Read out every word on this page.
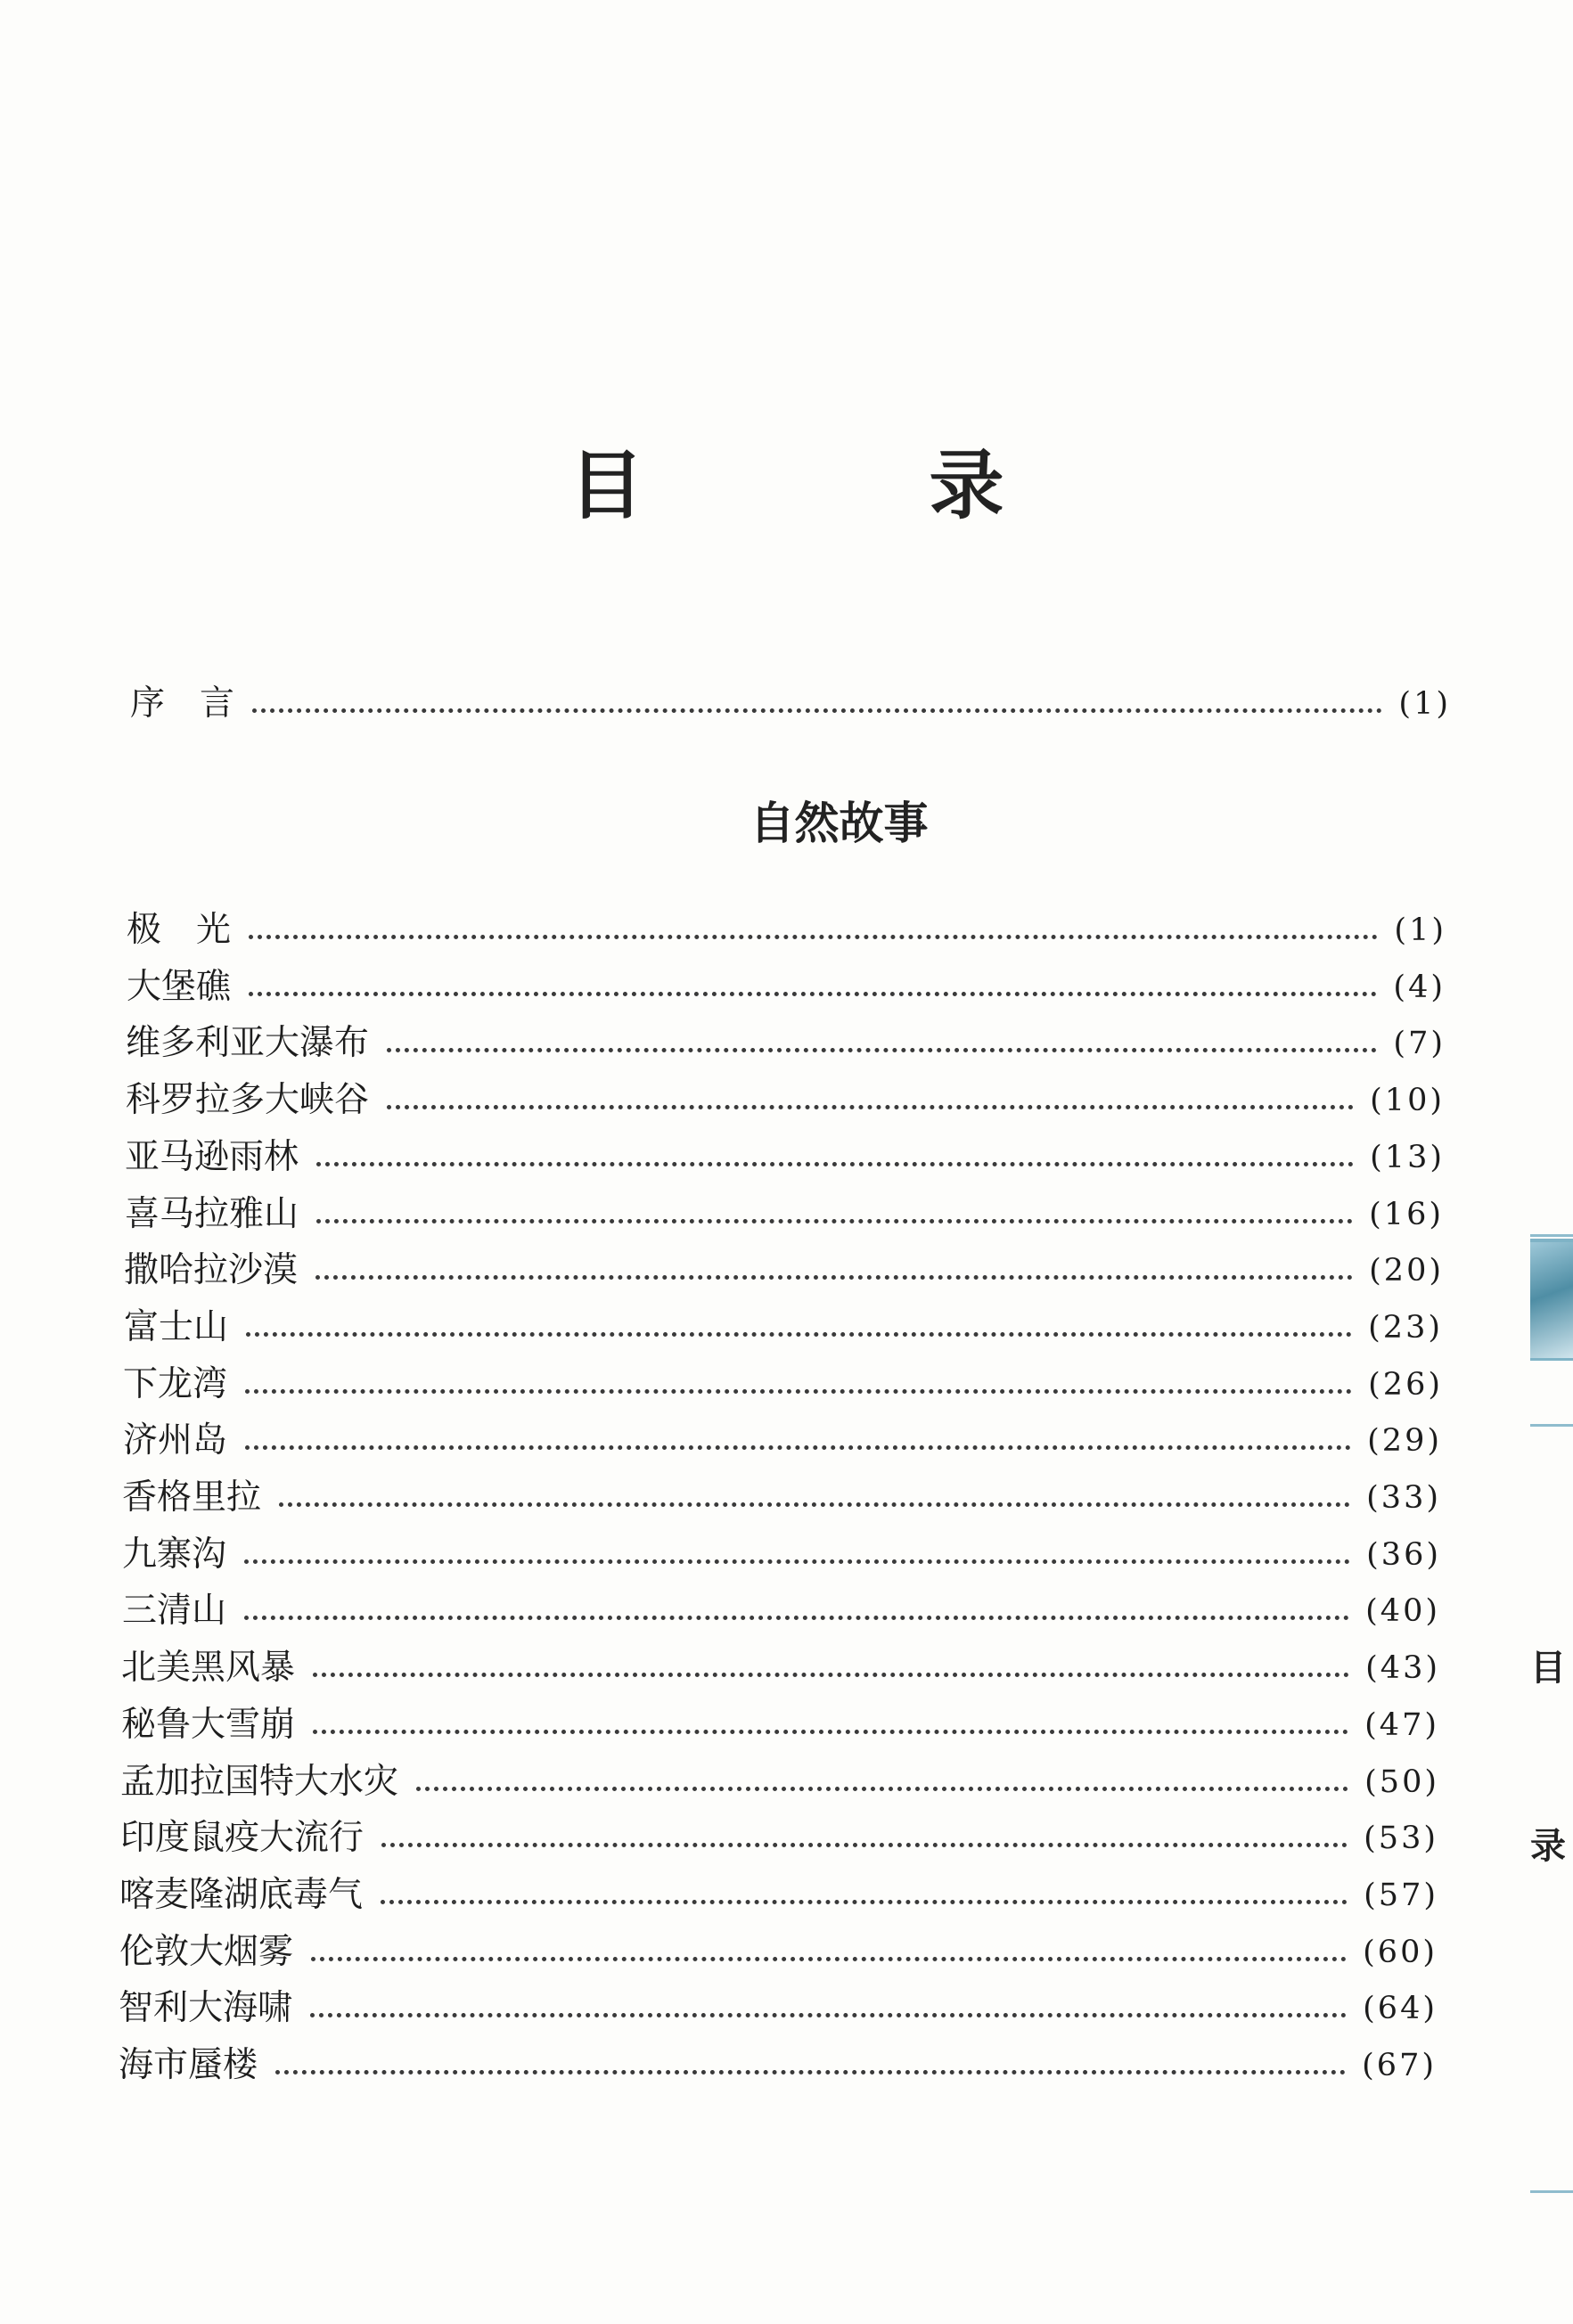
目　录
序　言	(1)
自然故事
极　光	(1)
大堡礁	(4)
维多利亚大瀑布	(7)
科罗拉多大峡谷	(10)
亚马逊雨林	(13)
喜马拉雅山	(16)
撒哈拉沙漠	(20)
富士山	(23)
下龙湾	(26)
济州岛	(29)
香格里拉	(33)
九寨沟	(36)
三清山	(40)
北美黑风暴	(43)
秘鲁大雪崩	(47)
孟加拉国特大水灾	(50)
印度鼠疫大流行	(53)
喀麦隆湖底毒气	(57)
伦敦大烟雾	(60)
智利大海啸	(64)
海市蜃楼	(67)
目
录
